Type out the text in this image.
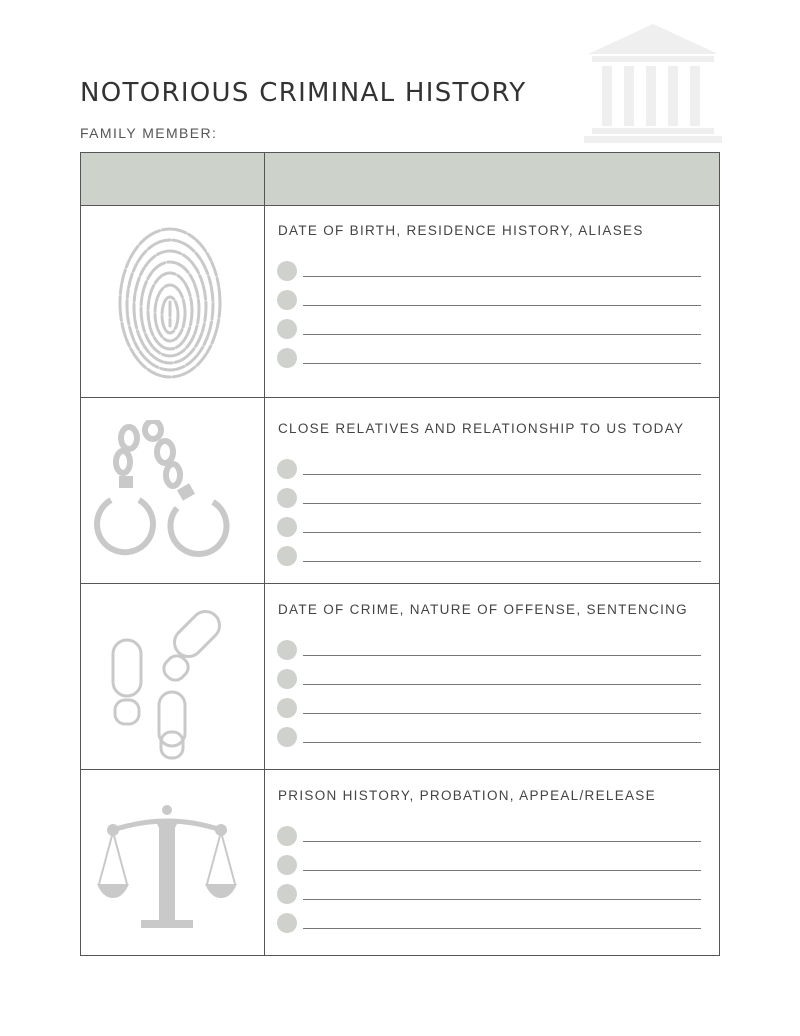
NOTORIOUS CRIMINAL HISTORY
FAMILY MEMBER:
DATE OF BIRTH, RESIDENCE HISTORY, ALIASES
CLOSE RELATIVES AND RELATIONSHIP TO US TODAY
DATE OF CRIME, NATURE OF OFFENSE, SENTENCING
PRISON HISTORY, PROBATION, APPEAL/RELEASE
